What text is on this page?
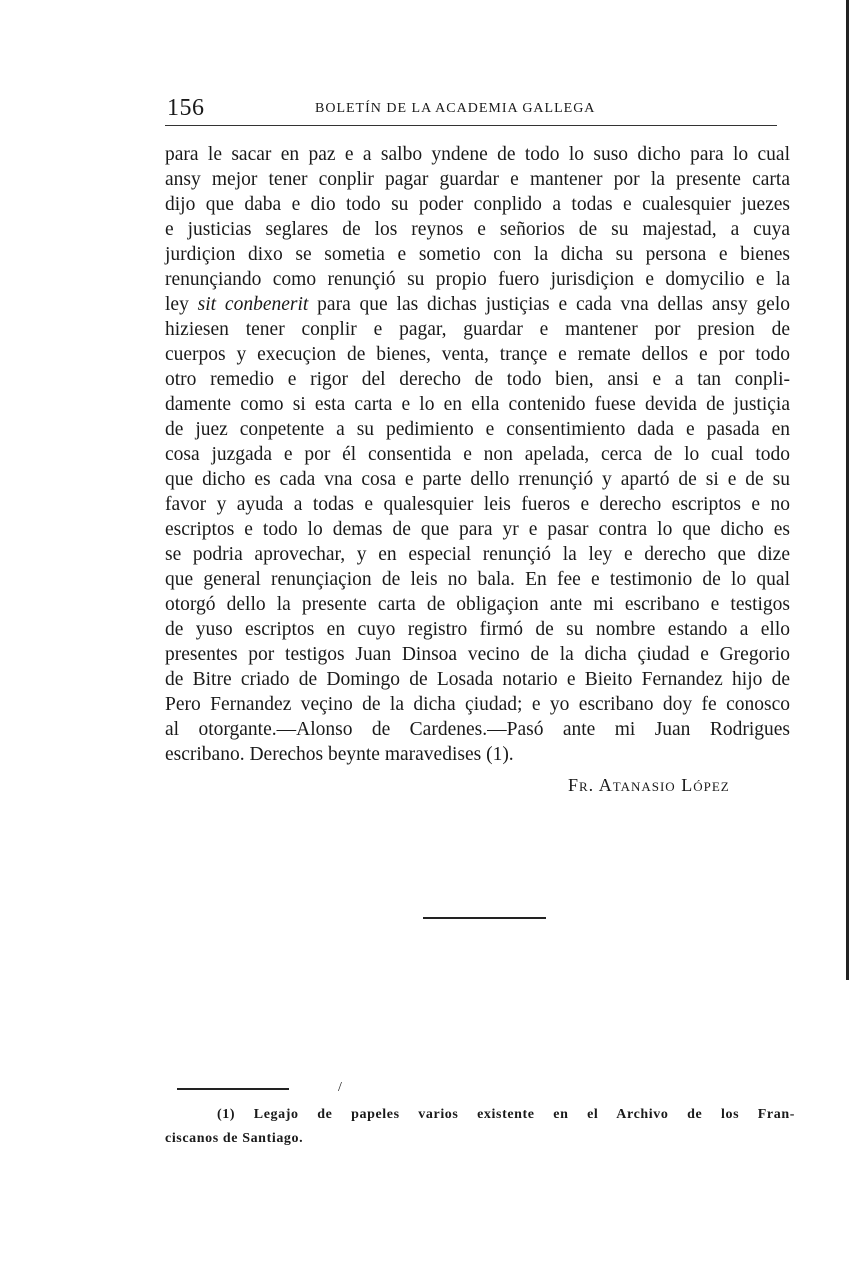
156	BOLETÍN DE LA ACADEMIA GALLEGA
para le sacar en paz e a salbo yndene de todo lo suso dicho para lo cual
ansy mejor tener conplir pagar guardar e mantener por la presente carta
dijo que daba e dio todo su poder conplido a todas e cualesquier juezes
e justicias seglares de los reynos e señorios de su majestad, a cuya
jurdiçion dixo se sometia e sometio con la dicha su persona e bienes
renunçiando como renunçió su propio fuero jurisdiçion e domycilio e la
ley sit conbenerit para que las dichas justiçias e cada vna dellas ansy gelo
hiziesen tener conplir e pagar, guardar e mantener por presion de
cuerpos y execuçion de bienes, venta, trançe e remate dellos e por todo
otro remedio e rigor del derecho de todo bien, ansi e a tan conpli-
damente como si esta carta e lo en ella contenido fuese devida de justiçia
de juez conpetente a su pedimiento e consentimiento dada e pasada en
cosa juzgada e por él consentida e non apelada, cerca de lo cual todo
que dicho es cada vna cosa e parte dello rrenunçió y apartó de si e de su
favor y ayuda a todas e qualesquier leis fueros e derecho escriptos e no
escriptos e todo lo demas de que para yr e pasar contra lo que dicho es
se podria aprovechar, y en especial renunçió la ley e derecho que dize
que general renunçiaçion de leis no bala. En fee e testimonio de lo qual
otorgó dello la presente carta de obligaçion ante mi escribano e testigos
de yuso escriptos en cuyo registro firmó de su nombre estando a ello
presentes por testigos Juan Dinsoa vecino de la dicha çiudad e Gregorio
de Bitre criado de Domingo de Losada notario e Bieito Fernandez hijo de
Pero Fernandez veçino de la dicha çiudad; e yo escribano doy fe conosco
al otorgante.—Alonso de Cardenes.—Pasó ante mi Juan Rodrigues
escribano. Derechos beynte maravedises (1).
Fr. Atanasio López
/
(1) Legajo de papeles varios existente en el Archivo de los Fran-
ciscanos de Santiago.
